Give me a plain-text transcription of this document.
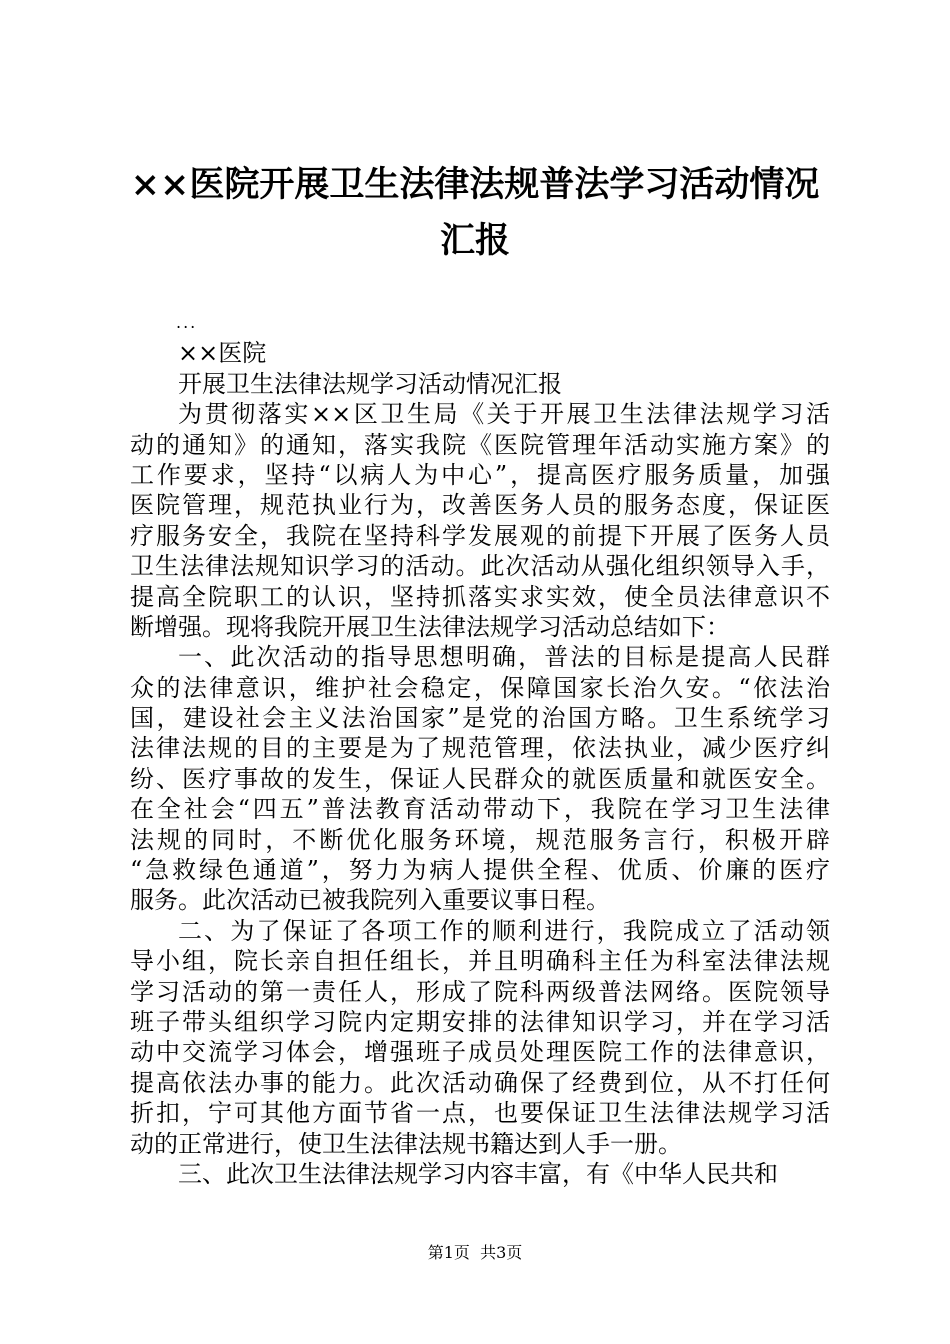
××医院开展卫生法律法规普法学习活动情况
汇报
...
××医院
开展卫生法律法规学习活动情况汇报
为贯彻落实××区卫生局《关于开展卫生法律法规学习活
动的通知》的通知，落实我院《医院管理年活动实施方案》的
工作要求，坚持“以病人为中心”，提高医疗服务质量，加强
医院管理，规范执业行为，改善医务人员的服务态度，保证医
疗服务安全，我院在坚持科学发展观的前提下开展了医务人员
卫生法律法规知识学习的活动。此次活动从强化组织领导入手，
提高全院职工的认识，坚持抓落实求实效，使全员法律意识不
断增强。现将我院开展卫生法律法规学习活动总结如下：
一、此次活动的指导思想明确，普法的目标是提高人民群
众的法律意识，维护社会稳定，保障国家长治久安。“依法治
国，建设社会主义法治国家”是党的治国方略。卫生系统学习
法律法规的目的主要是为了规范管理，依法执业，减少医疗纠
纷、医疗事故的发生，保证人民群众的就医质量和就医安全。
在全社会“四五”普法教育活动带动下，我院在学习卫生法律
法规的同时，不断优化服务环境，规范服务言行，积极开辟
“急救绿色通道”，努力为病人提供全程、优质、价廉的医疗
服务。此次活动已被我院列入重要议事日程。
二、为了保证了各项工作的顺利进行，我院成立了活动领
导小组，院长亲自担任组长，并且明确科主任为科室法律法规
学习活动的第一责任人，形成了院科两级普法网络。医院领导
班子带头组织学习院内定期安排的法律知识学习，并在学习活
动中交流学习体会，增强班子成员处理医院工作的法律意识，
提高依法办事的能力。此次活动确保了经费到位，从不打任何
折扣，宁可其他方面节省一点，也要保证卫生法律法规学习活
动的正常进行，使卫生法律法规书籍达到人手一册。
三、此次卫生法律法规学习内容丰富，有《中华人民共和
第1页  共3页
